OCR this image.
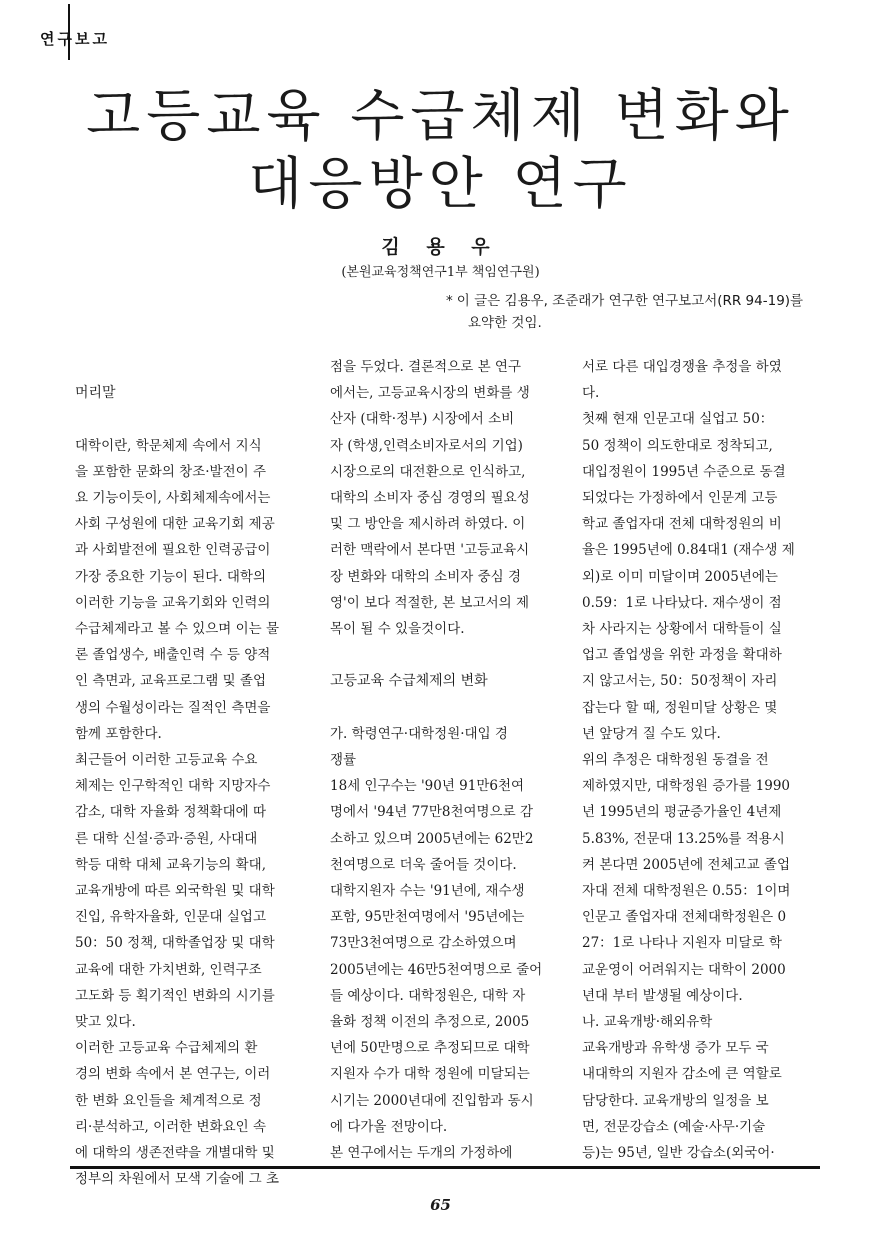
연구보고
고등교육 수급체제 변화와
대응방안 연구
김 용 우
(본원교육정책연구1부 책임연구원)
* 이 글은 김용우, 조준래가 연구한 연구보고서(RR 94-19)를
요약한 것임.

머리말

대학이란, 학문체제 속에서 지식

을 포함한 문화의 창조·발전이 주

요 기능이듯이, 사회체제속에서는

사회 구성원에 대한 교육기회 제공

과 사회발전에 필요한 인력공급이

가장 중요한 기능이 된다. 대학의

이러한 기능을 교육기회와 인력의

수급체제라고 볼 수 있으며 이는 물

론 졸업생수, 배출인력 수 등 양적

인 측면과, 교육프로그램 및 졸업

생의 수월성이라는 질적인 측면을

함께 포함한다.

최근들어 이러한 고등교육 수요

체제는 인구학적인 대학 지망자수

감소, 대학 자율화 정책확대에 따

른 대학 신설·증과·증원, 사대대

학등 대학 대체 교육기능의 확대,

교육개방에 따른 외국학원 및 대학

진입, 유학자율화, 인문대 실업고

50：50 정책, 대학졸업장 및 대학

교육에 대한 가치변화, 인력구조

고도화 등 획기적인 변화의 시기를

맞고 있다.

이러한 고등교육 수급체제의 환

경의 변화 속에서 본 연구는, 이러

한 변화 요인들을 체계적으로 정

리·분석하고, 이러한 변화요인 속

에 대학의 생존전략을 개별대학 및

정부의 차원에서 모색 기술에 그 초

점을 두었다. 결론적으로 본 연구

에서는, 고등교육시장의 변화를 생

산자 (대학·정부) 시장에서 소비

자 (학생,인력소비자로서의 기업)

시장으로의 대전환으로 인식하고,

대학의 소비자 중심 경영의 필요성

및 그 방안을 제시하려 하였다. 이

러한 맥락에서 본다면 '고등교육시

장 변화와 대학의 소비자 중심 경

영'이 보다 적절한, 본 보고서의 제

목이 될 수 있을것이다.

고등교육 수급체제의 변화

가. 학령연구·대학정원·대입 경

쟁률

18세 인구수는 '90년 91만6천여

명에서 '94년 77만8천여명으로 감

소하고 있으며 2005년에는 62만2

천여명으로 더욱 줄어들 것이다.

대학지원자 수는 '91년에, 재수생

포함, 95만천여명에서 '95년에는

73만3천여명으로 감소하였으며

2005년에는 46만5천여명으로 줄어

들 예상이다. 대학정원은, 대학 자

율화 정책 이전의 추정으로, 2005

년에 50만명으로 추정되므로 대학

지원자 수가 대학 정원에 미달되는

시기는 2000년대에 진입함과 동시

에 다가올 전망이다.

본 연구에서는 두개의 가정하에

서로 다른 대입경쟁율 추정을 하였

다.

첫째 현재 인문고대 실업고 50：

50 정책이 의도한대로 정착되고,

대입정원이 1995년 수준으로 동결

되었다는 가정하에서 인문계 고등

학교 졸업자대 전체 대학정원의 비

율은 1995년에 0.84대1 (재수생 제

외)로 이미 미달이며 2005년에는

0.59：1로 나타났다. 재수생이 점

차 사라지는 상황에서 대학들이 실

업고 졸업생을 위한 과정을 확대하

지 않고서는, 50：50정책이 자리

잡는다 할 때, 정원미달 상황은 몇

년 앞당겨 질 수도 있다.

위의 추정은 대학정원 동결을 전

제하였지만, 대학정원 증가를 1990

년 1995년의 평균증가율인 4년제

5.83%, 전문대 13.25%를 적용시

켜 본다면 2005년에 전체고교 졸업

자대 전체 대학정원은 0.55：1이며

인문고 졸업자대 전체대학정원은 0

27：1로 나타나 지원자 미달로 학

교운영이 어려워지는 대학이 2000

년대 부터 발생될 예상이다.

나. 교육개방·해외유학

교육개방과 유학생 증가 모두 국

내대학의 지원자 감소에 큰 역할로

담당한다. 교육개방의 일정을 보

면, 전문강습소 (예술·사무·기술

등)는 95년, 일반 강습소(외국어·

65
